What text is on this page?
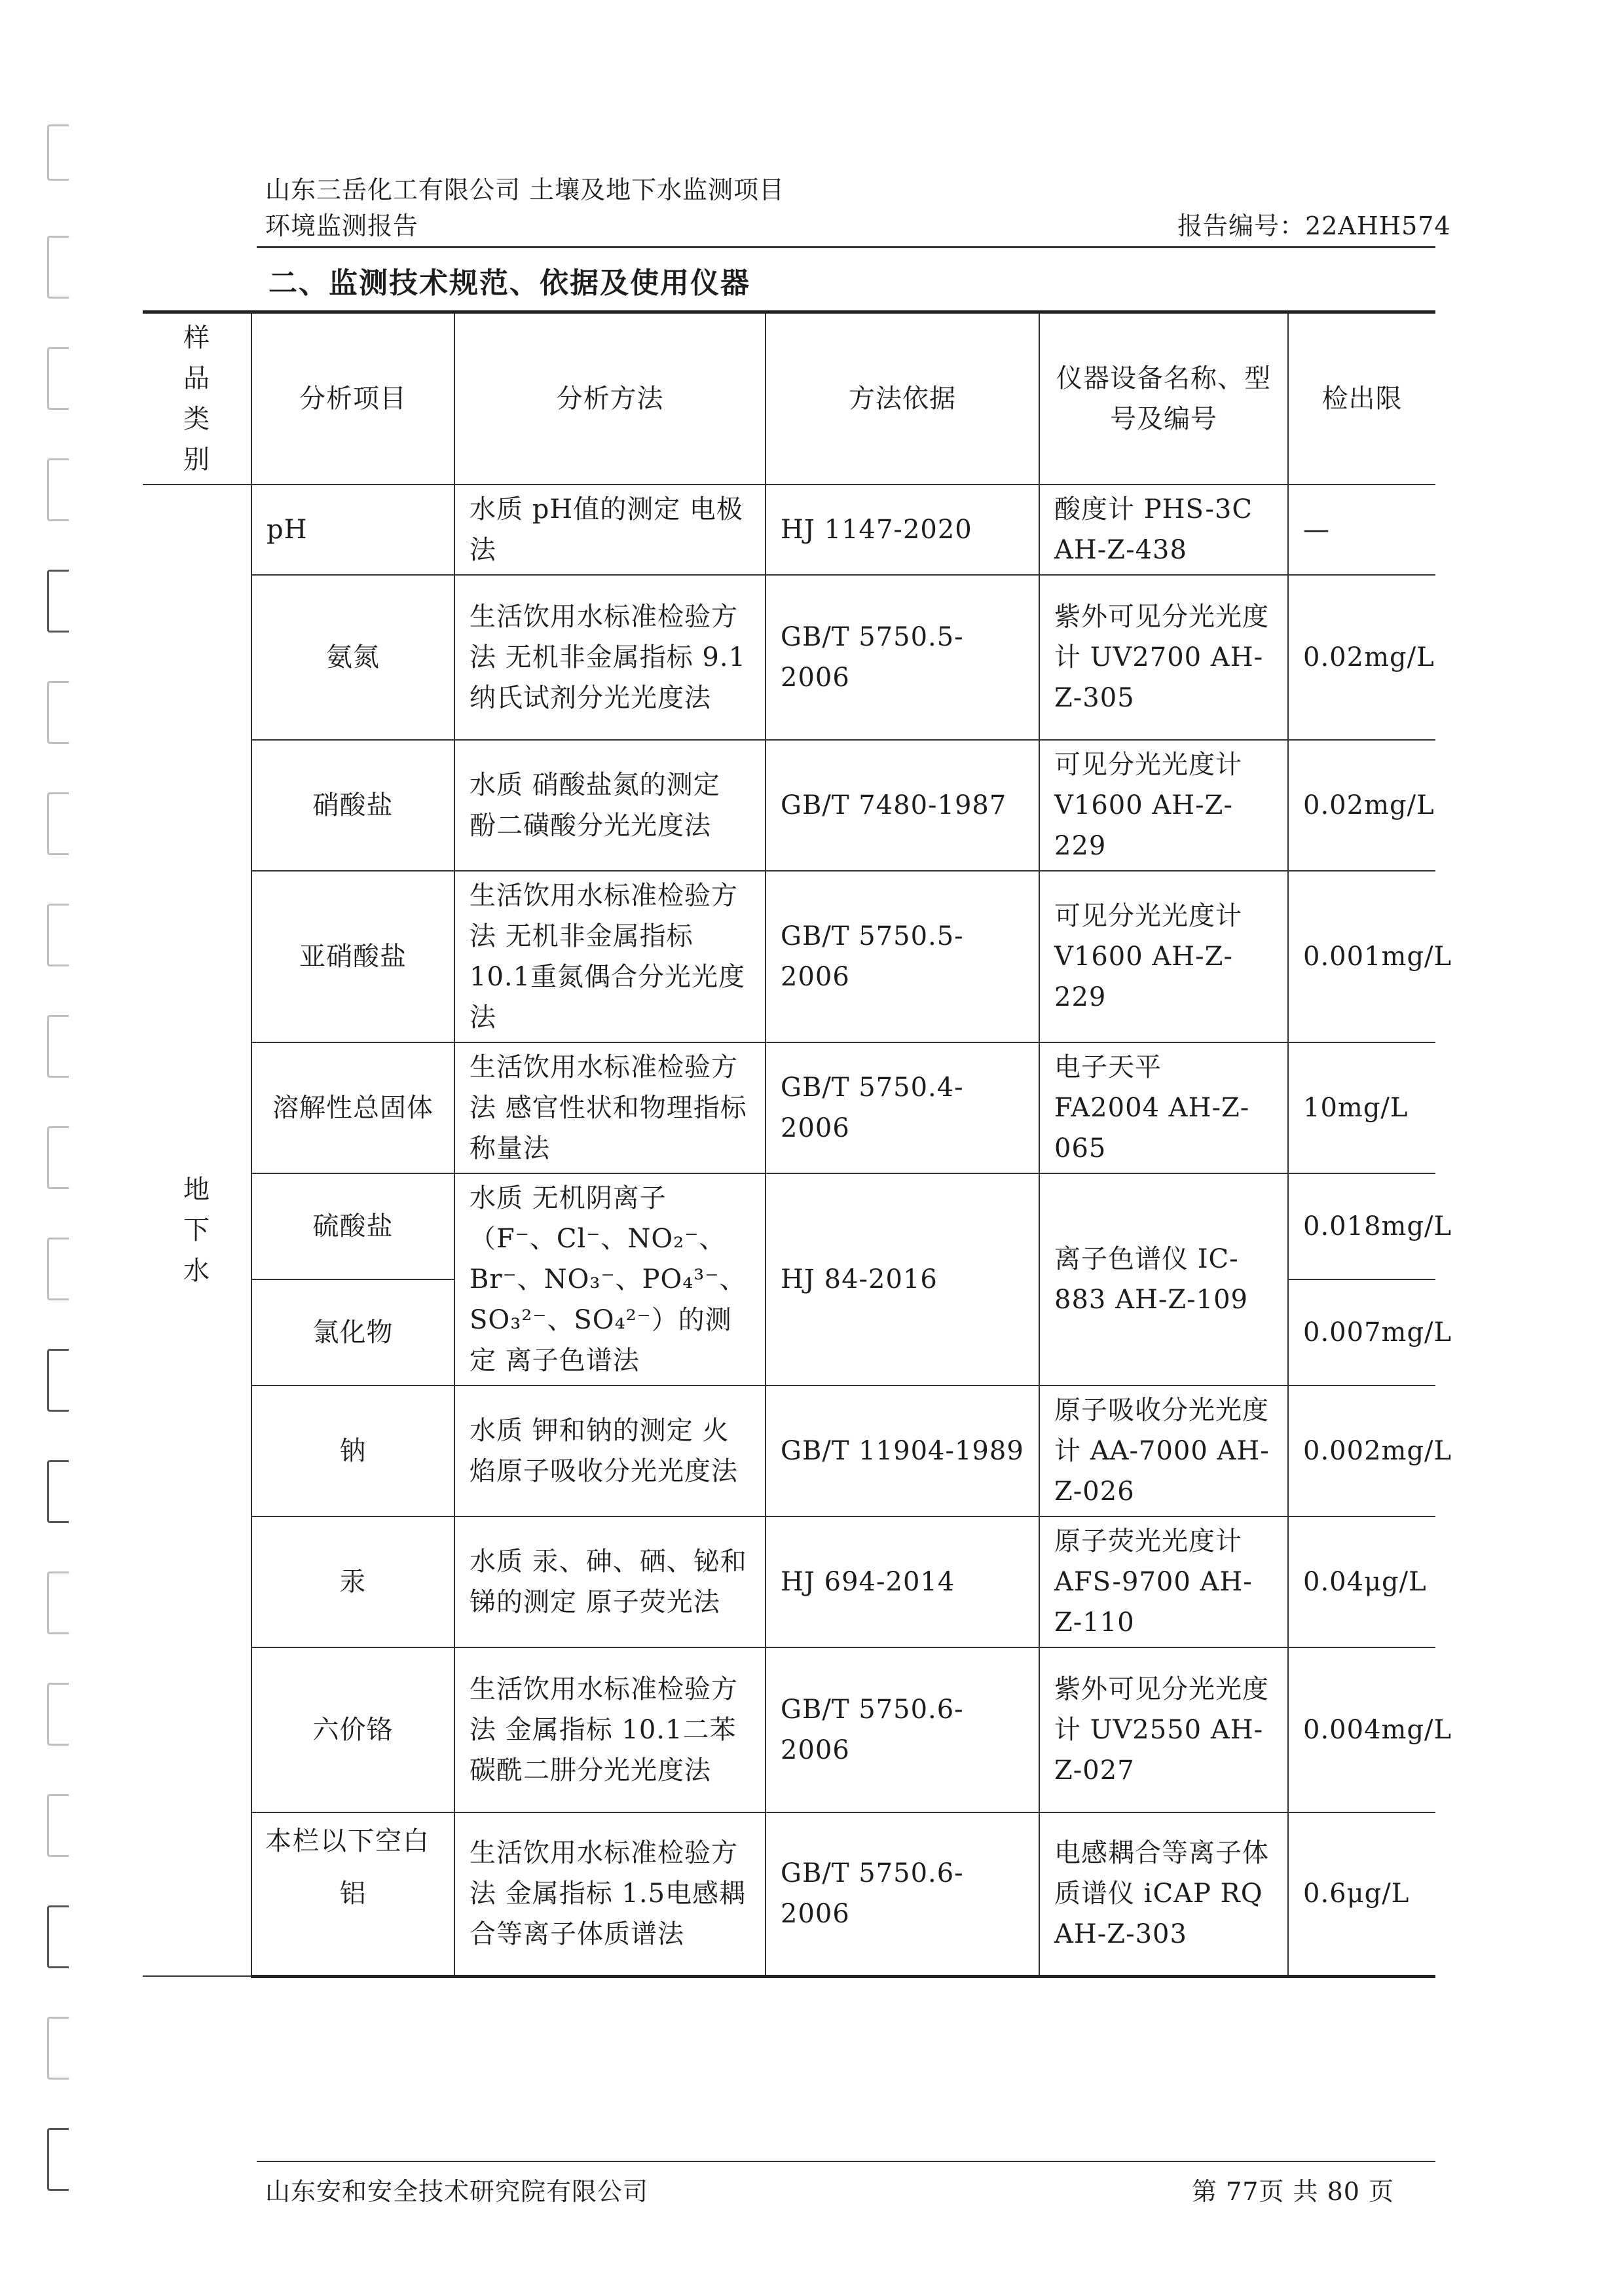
山东三岳化工有限公司 土壤及地下水监测项目
环境监测报告	报告编号：22AHH574
二、监测技术规范、依据及使用仪器
样品类别	分析项目	分析方法	方法依据	仪器设备名称、型号及编号	检出限
地 下 水	pH	水质 pH值的测定 电极法	HJ 1147-2020	酸度计 PHS-3C AH-Z-438	—
	氨氮	生活饮用水标准检验方法 无机非金属指标 9.1纳氏试剂分光光度法	GB/T 5750.5-2006	紫外可见分光光度计 UV2700 AH-Z-305	0.02mg/L
	硝酸盐	水质 硝酸盐氮的测定 酚二磺酸分光光度法	GB/T 7480-1987	可见分光光度计 V1600 AH-Z-229	0.02mg/L
	亚硝酸盐	生活饮用水标准检验方法 无机非金属指标 10.1重氮偶合分光光度法	GB/T 5750.5-2006	可见分光光度计 V1600 AH-Z-229	0.001mg/L
	溶解性总固体	生活饮用水标准检验方法 感官性状和物理指标 称量法	GB/T 5750.4-2006	电子天平 FA2004 AH-Z-065	10mg/L
	硫酸盐	水质 无机阴离子（F⁻、Cl⁻、NO₂⁻、Br⁻、NO₃⁻、PO₄³⁻、SO₃²⁻、SO₄²⁻）的测定 离子色谱法	HJ 84-2016	离子色谱仪 IC-883 AH-Z-109	0.018mg/L
	氯化物				0.007mg/L
	钠	水质 钾和钠的测定 火焰原子吸收分光光度法	GB/T 11904-1989	原子吸收分光光度计 AA-7000 AH-Z-026	0.002mg/L
	汞	水质 汞、砷、硒、铋和锑的测定 原子荧光法	HJ 694-2014	原子荧光光度计 AFS-9700 AH-Z-110	0.04μg/L
	六价铬	生活饮用水标准检验方法 金属指标 10.1二苯碳酰二肼分光光度法	GB/T 5750.6-2006	紫外可见分光光度计 UV2550 AH-Z-027	0.004mg/L
	铝	生活饮用水标准检验方法 金属指标 1.5电感耦合等离子体质谱法	GB/T 5750.6-2006	电感耦合等离子体质谱仪 iCAP RQ AH-Z-303	0.6μg/L
本栏以下空白
山东安和安全技术研究院有限公司	第 77页 共 80 页
